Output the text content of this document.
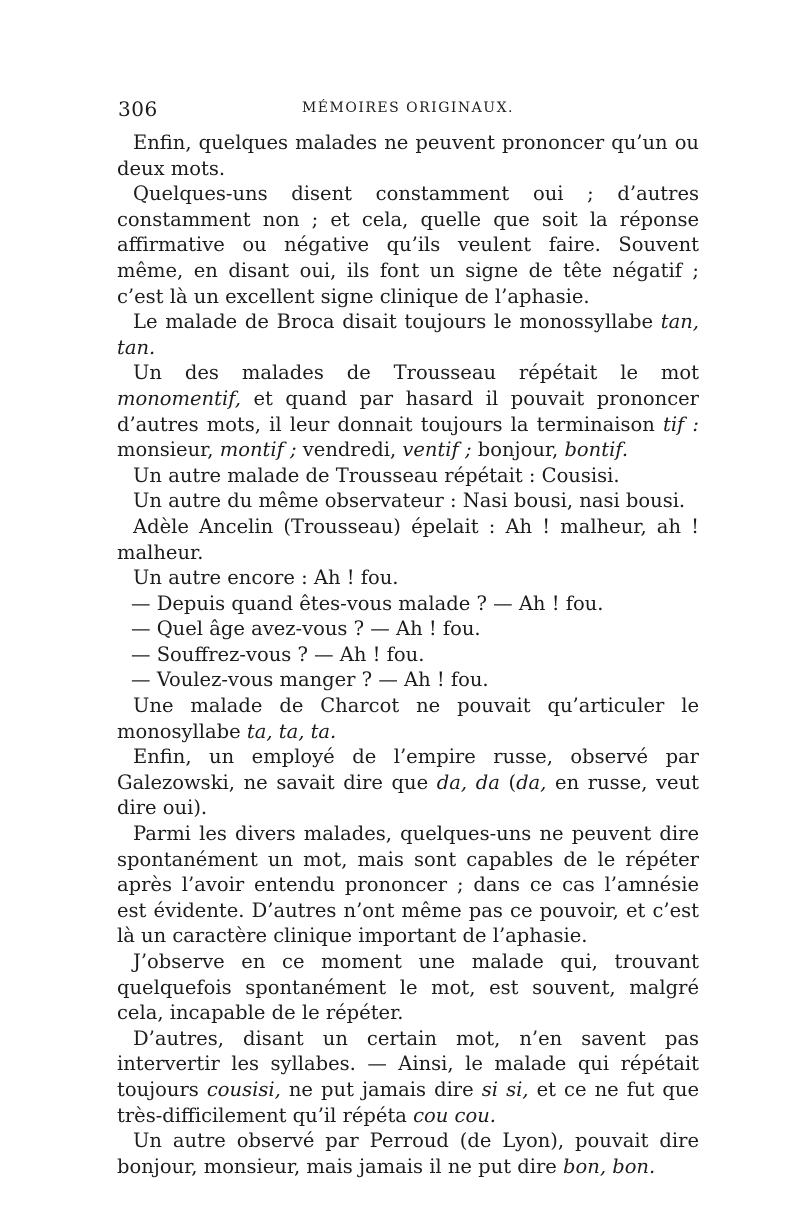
306	MÉMOIRES ORIGINAUX.

Enfin, quelques malades ne peuvent prononcer qu’un ou deux mots.

Quelques-uns disent constamment oui ; d’autres constamment non ; et cela, quelle que soit la réponse affirmative ou négative qu’ils veulent faire. Souvent même, en disant oui, ils font un signe de tête négatif ; c’est là un excellent signe clinique de l’aphasie.

Le malade de Broca disait toujours le monossyllabe tan, tan.

Un des malades de Trousseau répétait le mot monomentif, et quand par hasard il pouvait prononcer d’autres mots, il leur donnait toujours la terminaison tif : monsieur, montif ; vendredi, ventif ; bonjour, bontif.

Un autre malade de Trousseau répétait : Cousisi.

Un autre du même observateur : Nasi bousi, nasi bousi.

Adèle Ancelin (Trousseau) épelait : Ah ! malheur, ah ! malheur.

Un autre encore : Ah ! fou.

— Depuis quand êtes-vous malade ? — Ah ! fou.

— Quel âge avez-vous ? — Ah ! fou.

— Souffrez-vous ? — Ah ! fou.

— Voulez-vous manger ? — Ah ! fou.

Une malade de Charcot ne pouvait qu’articuler le monosyllabe ta, ta, ta.

Enfin, un employé de l’empire russe, observé par Galezowski, ne savait dire que da, da (da, en russe, veut dire oui).

Parmi les divers malades, quelques-uns ne peuvent dire spontanément un mot, mais sont capables de le répéter après l’avoir entendu prononcer ; dans ce cas l’amnésie est évidente. D’autres n’ont même pas ce pouvoir, et c’est là un caractère clinique important de l’aphasie.

J’observe en ce moment une malade qui, trouvant quelquefois spontanément le mot, est souvent, malgré cela, incapable de le répéter.

D’autres, disant un certain mot, n’en savent pas intervertir les syllabes. — Ainsi, le malade qui répétait toujours cousisi, ne put jamais dire si si, et ce ne fut que très-difficilement qu’il répéta cou cou.

Un autre observé par Perroud (de Lyon), pouvait dire bonjour, monsieur, mais jamais il ne put dire bon, bon.
